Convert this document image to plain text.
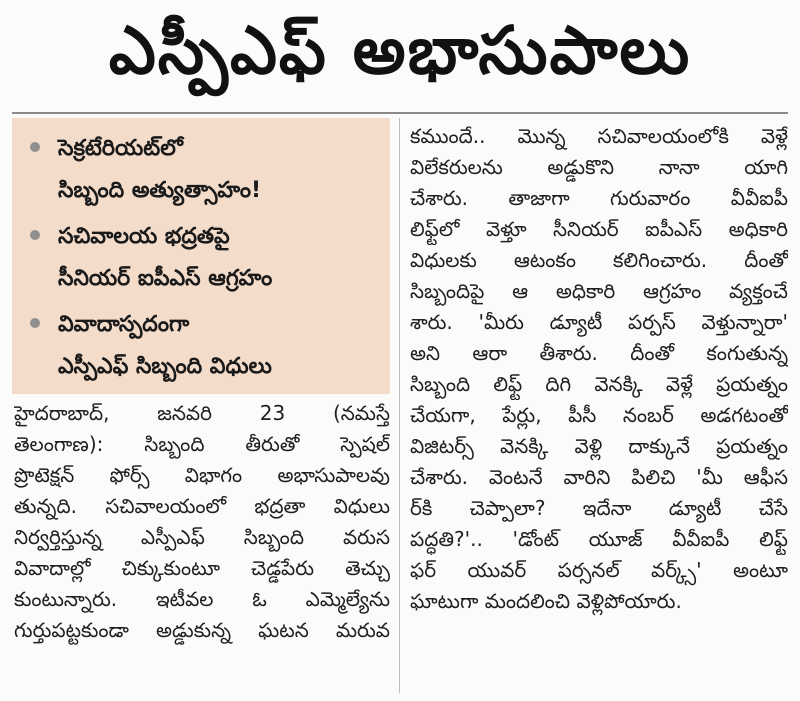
ఎస్పీఎఫ్ అభాసుపాలు
సెక్రటేరియట్‌లో
సిబ్బంది అత్యుత్సాహం!
సచివాలయ భద్రతపై
సీనియర్ ఐపీఎస్ ఆగ్రహం
వివాదాస్పదంగా
ఎస్పీఎఫ్ సిబ్బంది విధులు

హైదరాబాద్, జనవరి 23 (నమస్తే

తెలంగాణ): సిబ్బంది తీరుతో స్పెషల్

ప్రొటెక్షన్ ఫోర్స్ విభాగం అభాసుపాలవు

తున్నది. సచివాలయంలో భద్రతా విధులు

నిర్వర్తిస్తున్న ఎస్పీఎఫ్ సిబ్బంది వరుస

వివాదాల్లో చిక్కుకుంటూ చెడ్డపేరు తెచ్చు

కుంటున్నారు. ఇటీవల ఓ ఎమ్మెల్యేను

గుర్తుపట్టకుండా అడ్డుకున్న ఘటన మరువ

కముందే.. మొన్న సచివాలయంలోకి వెళ్లే

విలేకరులను అడ్డుకొని నానా యాగి

చేశారు. తాజాగా గురువారం వీవీఐపీ

లిఫ్ట్‌లో వెళ్తూ సీనియర్ ఐపీఎస్ అధికారి

విధులకు ఆటంకం కలిగించారు. దీంతో

సిబ్బందిపై ఆ అధికారి ఆగ్రహం వ్యక్తంచే

శారు. 'మీరు డ్యూటీ పర్పస్ వెళ్తున్నారా'

అని ఆరా తీశారు. దీంతో కంగుతున్న

సిబ్బంది లిఫ్ట్ దిగి వెనక్కి వెళ్లే ప్రయత్నం

చేయగా, పేర్లు, పీసీ నంబర్ అడగటంతో

విజిటర్స్ వెనక్కి వెళ్లి దాక్కునే ప్రయత్నం

చేశారు. వెంటనే వారిని పిలిచి 'మీ ఆఫీస

ర్‌కి చెప్పాలా? ఇదేనా డ్యూటీ చేసే

పద్ధతి?'.. 'డోంట్ యూజ్ వీవీఐపీ లిఫ్ట్

ఫర్ యువర్ పర్సనల్ వర్క్స్' అంటూ

ఘాటుగా మందలించి వెళ్లిపోయారు.
